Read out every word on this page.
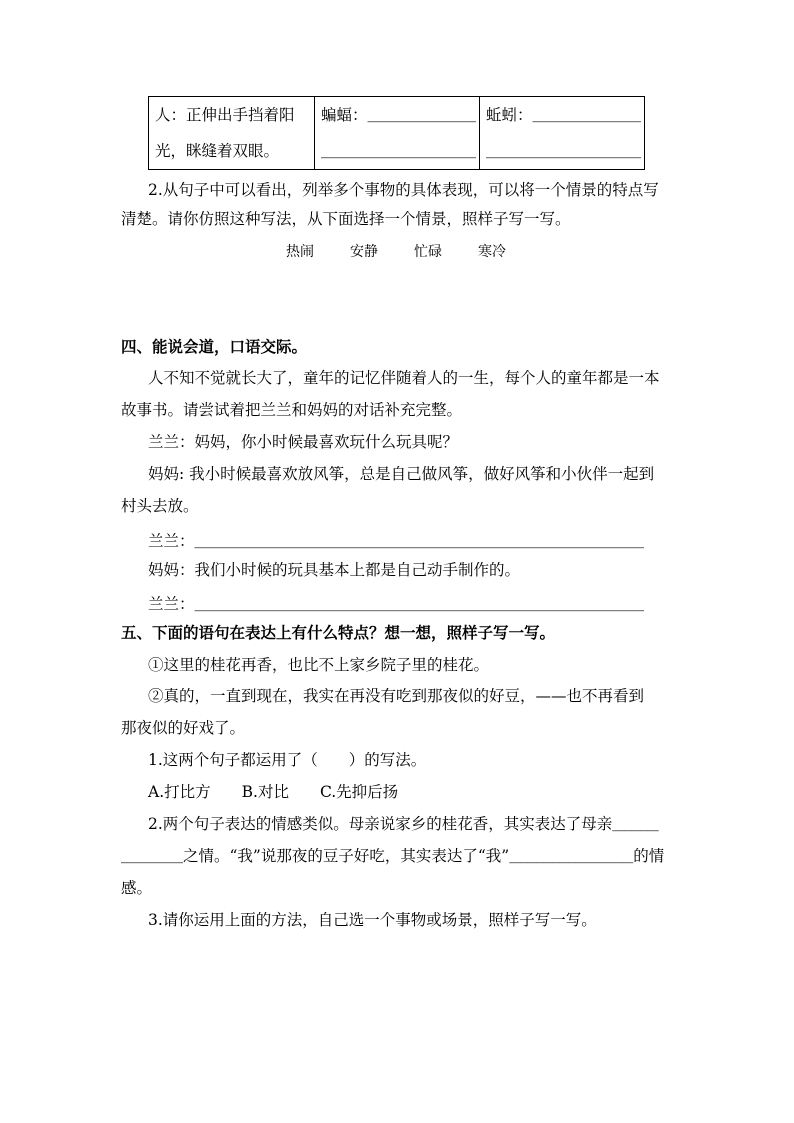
人：正伸出手挡着阳
光，眯缝着双眼。

蝙蝠：＿＿＿＿＿＿＿
＿＿＿＿＿＿＿＿＿＿

蚯蚓：＿＿＿＿＿＿＿
＿＿＿＿＿＿＿＿＿＿
2.从句子中可以看出，列举多个事物的具体表现，可以将一个情景的特点写
清楚。请你仿照这种写法，从下面选择一个情景，照样子写一写。
热闹	安静	忙碌	寒冷
四、能说会道，口语交际。
人不知不觉就长大了，童年的记忆伴随着人的一生，每个人的童年都是一本
故事书。请尝试着把兰兰和妈妈的对话补充完整。
兰兰：妈妈，你小时候最喜欢玩什么玩具呢？
妈妈: 我小时候最喜欢放风筝，总是自己做风筝，做好风筝和小伙伴一起到
村头去放。
兰兰：＿＿＿＿＿＿＿＿＿＿＿＿＿＿＿＿＿＿＿＿＿＿＿＿＿＿＿＿＿
妈妈：我们小时候的玩具基本上都是自己动手制作的。
兰兰：＿＿＿＿＿＿＿＿＿＿＿＿＿＿＿＿＿＿＿＿＿＿＿＿＿＿＿＿＿
五、下面的语句在表达上有什么特点？想一想，照样子写一写。
①这里的桂花再香，也比不上家乡院子里的桂花。
②真的，一直到现在，我实在再没有吃到那夜似的好豆，——也不再看到
那夜似的好戏了。
1.这两个句子都运用了（　　）的写法。
A.打比方　　B.对比　　C.先抑后扬
2.两个句子表达的情感类似。母亲说家乡的桂花香，其实表达了母亲＿＿＿
＿＿＿＿之情。“我”说那夜的豆子好吃，其实表达了“我”＿＿＿＿＿＿＿＿的情
感。
3.请你运用上面的方法，自己选一个事物或场景，照样子写一写。
